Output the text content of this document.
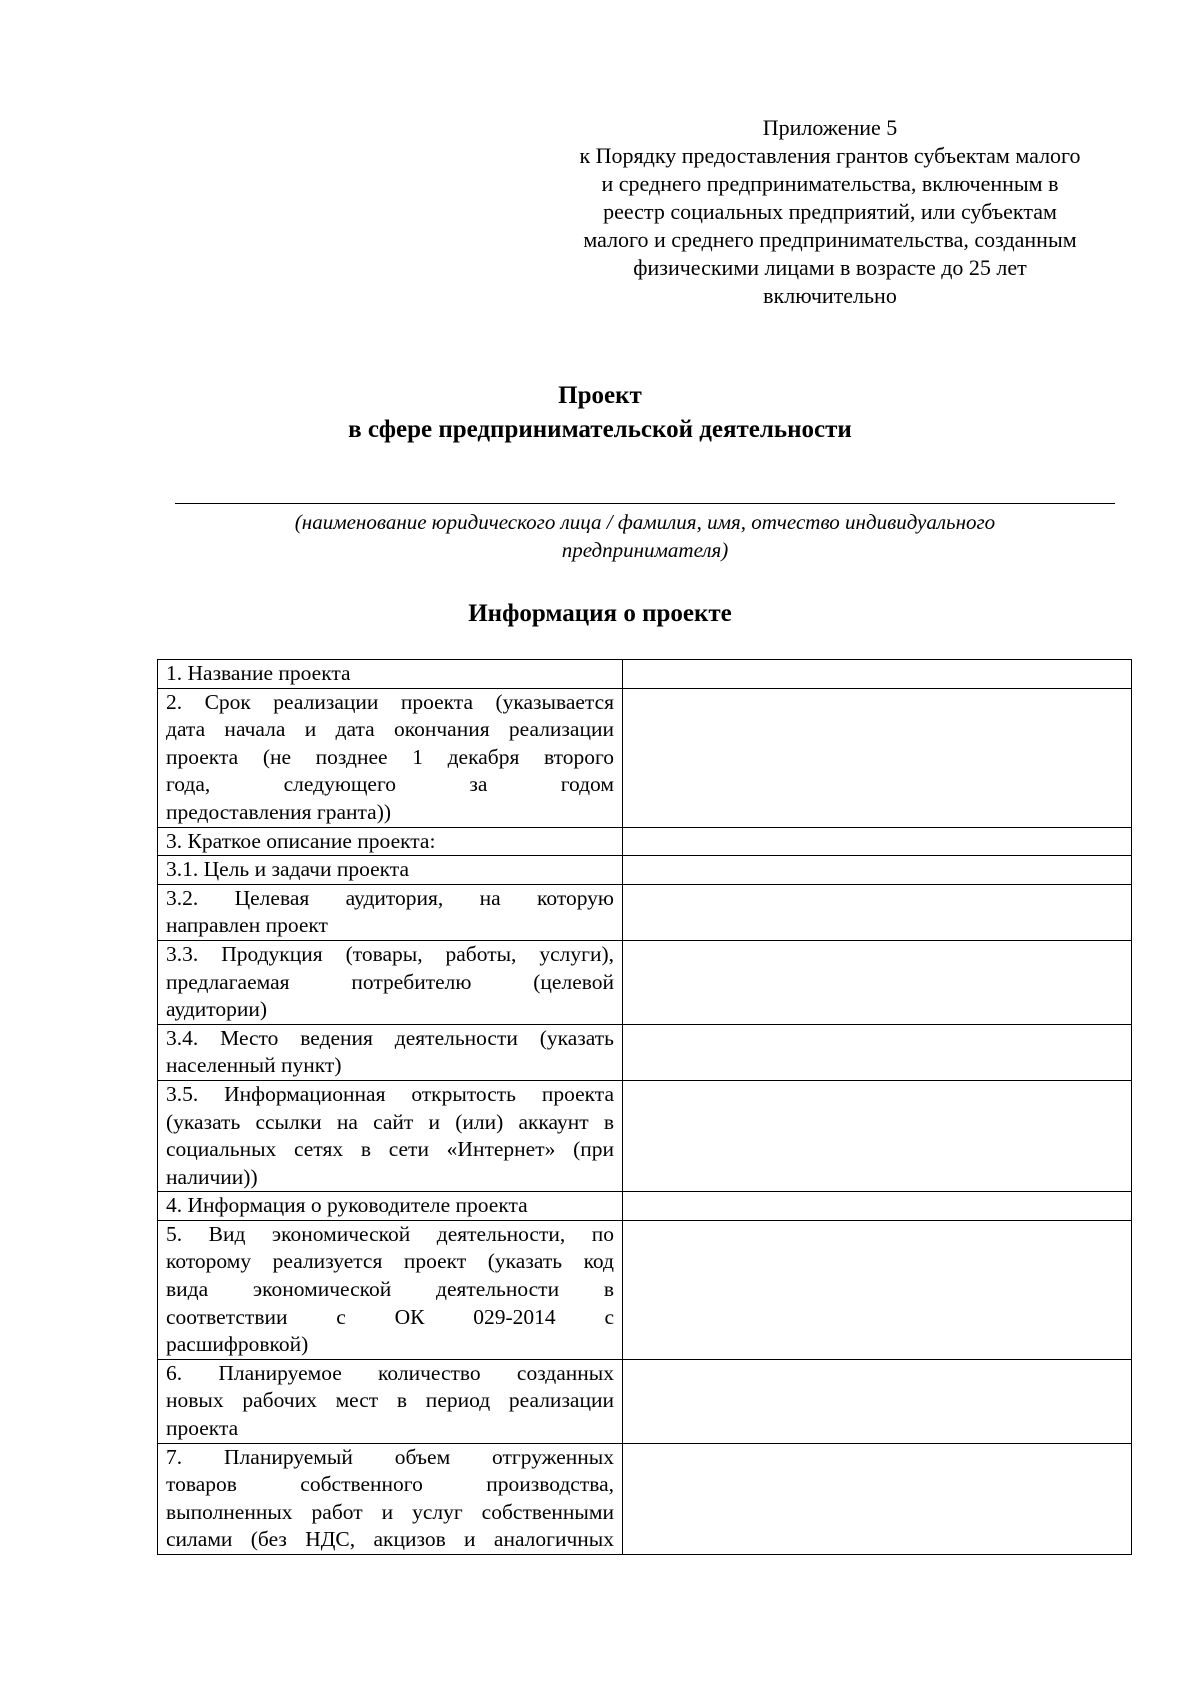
Приложение 5
к Порядку предоставления грантов субъектам малого
и среднего предпринимательства, включенным в
реестр социальных предприятий, или субъектам
малого и среднего предпринимательства, созданным
физическими лицами в возрасте до 25 лет
включительно
Проект
в сфере предпринимательской деятельности
(наименование юридического лица / фамилия, имя, отчество индивидуального
предпринимателя)
Информация о проекте
1. Название проекта	

2. Срок реализации проекта (указывается
дата начала и дата окончания реализации
проекта (не позднее 1 декабря второго
года, следующего за годом
предоставления гранта))	

3. Краткое описание проекта:	

3.1. Цель и задачи проекта	

3.2. Целевая аудитория, на которую
направлен проект	

3.3. Продукция (товары, работы, услуги),
предлагаемая потребителю (целевой
аудитории)	

3.4. Место ведения деятельности (указать
населенный пункт)	

3.5. Информационная открытость проекта
(указать ссылки на сайт и (или) аккаунт в
социальных сетях в сети «Интернет» (при
наличии))	

4. Информация о руководителе проекта	

5. Вид экономической деятельности, по
которому реализуется проект (указать код
вида экономической деятельности в
соответствии с ОК 029-2014 с
расшифровкой)	

6. Планируемое количество созданных
новых рабочих мест в период реализации
проекта	

7. Планируемый объем отгруженных
товаров собственного производства,
выполненных работ и услуг собственными
силами (без НДС, акцизов и аналогичных	
